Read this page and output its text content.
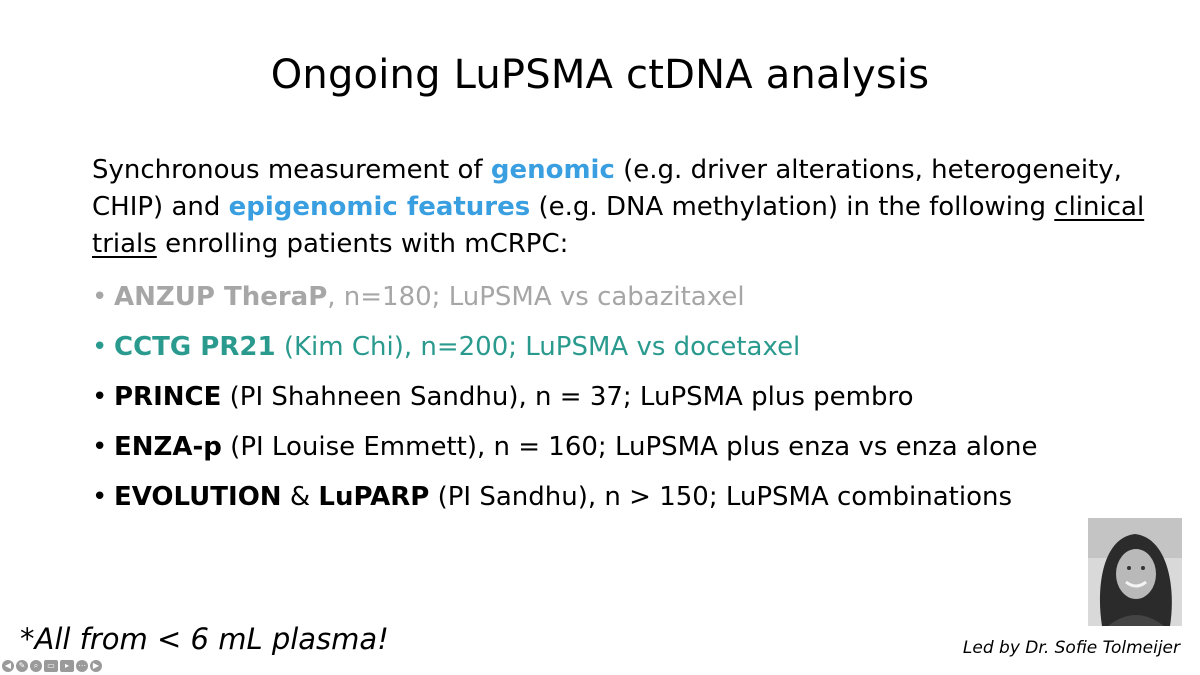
Ongoing LuPSMA ctDNA analysis
Synchronous measurement of genomic (e.g. driver alterations, heterogeneity, CHIP) and epigenomic features (e.g. DNA methylation) in the following clinical trials enrolling patients with mCRPC:
• ANZUP TheraP, n=180; LuPSMA vs cabazitaxel
• CCTG PR21 (Kim Chi), n=200; LuPSMA vs docetaxel
• PRINCE (PI Shahneen Sandhu), n = 37; LuPSMA plus pembro
• ENZA-p (PI Louise Emmett), n = 160; LuPSMA plus enza vs enza alone
• EVOLUTION & LuPARP (PI Sandhu), n > 150; LuPSMA combinations
*All from < 6 mL plasma!	Led by Dr. Sofie Tolmeijer
◀ ✎	⌕	▭	▸	⋯ ▶
